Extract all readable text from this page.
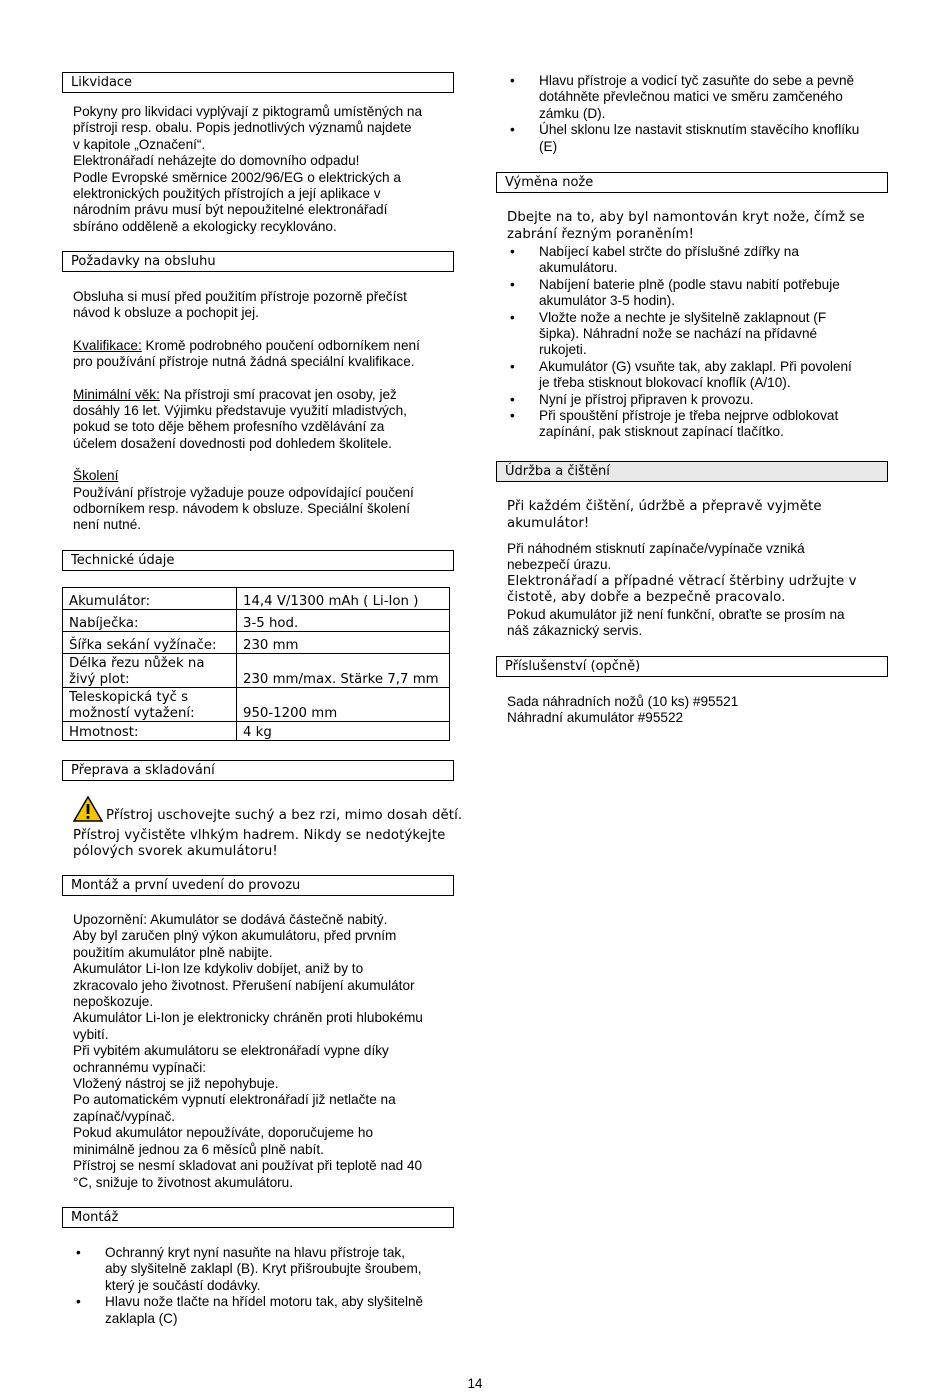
Likvidace

Pokyny pro likvidaci vyplývají z piktogramů umístěných na

přístroji resp. obalu. Popis jednotlivých významů najdete

v kapitole „Označení“.

Elektronářadí neházejte do domovního odpadu!

Podle Evropské směrnice 2002/96/EG o elektrických a

elektronických použitých přístrojích a její aplikace v

národním právu musí být nepoužitelné elektronářadí

sbíráno odděleně a ekologicky recyklováno.

Požadavky na obsluhu

Obsluha si musí před použitím přístroje pozorně přečíst

návod k obsluze a pochopit jej.

Kvalifikace: Kromě podrobného poučení odborníkem není

pro používání přístroje nutná žádná speciální kvalifikace.

Minimální věk: Na přístroji smí pracovat jen osoby, jež

dosáhly 16 let. Výjimku představuje využití mladistvých,

pokud se toto děje během profesního vzdělávání za

účelem dosažení dovednosti pod dohledem školitele.

Školení

Používání přístroje vyžaduje pouze odpovídající poučení

odborníkem resp. návodem k obsluze. Speciální školení

není nutné.

Technické údaje
Akumulátor:	14,4 V/1300 mAh ( Li-Ion )
Nabíječka:	3-5 hod.
Šířka sekání vyžínače:	230 mm
Délka řezu nůžek na živý plot:	230 mm/max. Stärke 7,7 mm
Teleskopická tyč s možností vytažení:	950-1200 mm
Hmotnost:	4 kg
Přeprava a skladování

Přístroj uschovejte suchý a bez rzi, mimo dosah dětí.

Přístroj vyčistěte vlhkým hadrem. Nikdy se nedotýkejte

pólových svorek akumulátoru!

Montáž a první uvedení do provozu

Upozornění: Akumulátor se dodává částečně nabitý.

Aby byl zaručen plný výkon akumulátoru, před prvním

použitím akumulátor plně nabijte.

Akumulátor Li-Ion lze kdykoliv dobíjet, aniž by to

zkracovalo jeho životnost. Přerušení nabíjení akumulátor

nepoškozuje.

Akumulátor Li-Ion je elektronicky chráněn proti hlubokému

vybití.

Při vybitém akumulátoru se elektronářadí vypne díky

ochrannému vypínači:

Vložený nástroj se již nepohybuje.

Po automatickém vypnutí elektronářadí již netlačte na

zapínač/vypínač.

Pokud akumulátor nepoužíváte, doporučujeme ho

minimálně jednou za 6 měsíců plně nabít.

Přístroj se nesmí skladovat ani používat při teplotě nad 40

°C, snižuje to životnost akumulátoru.

Montáž
• Ochranný kryt nyní nasuňte na hlavu přístroje tak,
aby slyšitelně zaklapl (B). Kryt přišroubujte šroubem,
který je součástí dodávky.
• Hlavu nože tlačte na hřídel motoru tak, aby slyšitelně
zaklapla (C)
• Hlavu přístroje a vodicí tyč zasuňte do sebe a pevně
dotáhněte převlečnou matici ve směru zamčeného
zámku (D).
• Úhel sklonu lze nastavit stisknutím stavěcího knoflíku
(E)
Výměna nože

Dbejte na to, aby byl namontován kryt nože, čímž se

zabrání řezným poraněním!

• Nabíjecí kabel strčte do příslušné zdířky na
akumulátoru.
• Nabíjení baterie plně (podle stavu nabití potřebuje
akumulátor 3-5 hodin).
• Vložte nože a nechte je slyšitelně zaklapnout (F
šipka). Náhradní nože se nachází na přídavné
rukojeti.
• Akumulátor (G) vsuňte tak, aby zaklapl. Při povolení
je třeba stisknout blokovací knoflík (A/10).
• Nyní je přístroj připraven k provozu.
• Při spouštění přístroje je třeba nejprve odblokovat
zapínání, pak stisknout zapínací tlačítko.
Údržba a čištění

Při každém čištění, údržbě a přepravě vyjměte

akumulátor!

Při náhodném stisknutí zapínače/vypínače vzniká

nebezpečí úrazu.

Elektronářadí a případné větrací štěrbiny udržujte v

čistotě, aby dobře a bezpečně pracovalo.

Pokud akumulátor již není funkční, obraťte se prosím na

náš zákaznický servis.

Příslušenství (opčně)

Sada náhradních nožů (10 ks) #95521

Náhradní akumulátor #95522

14
